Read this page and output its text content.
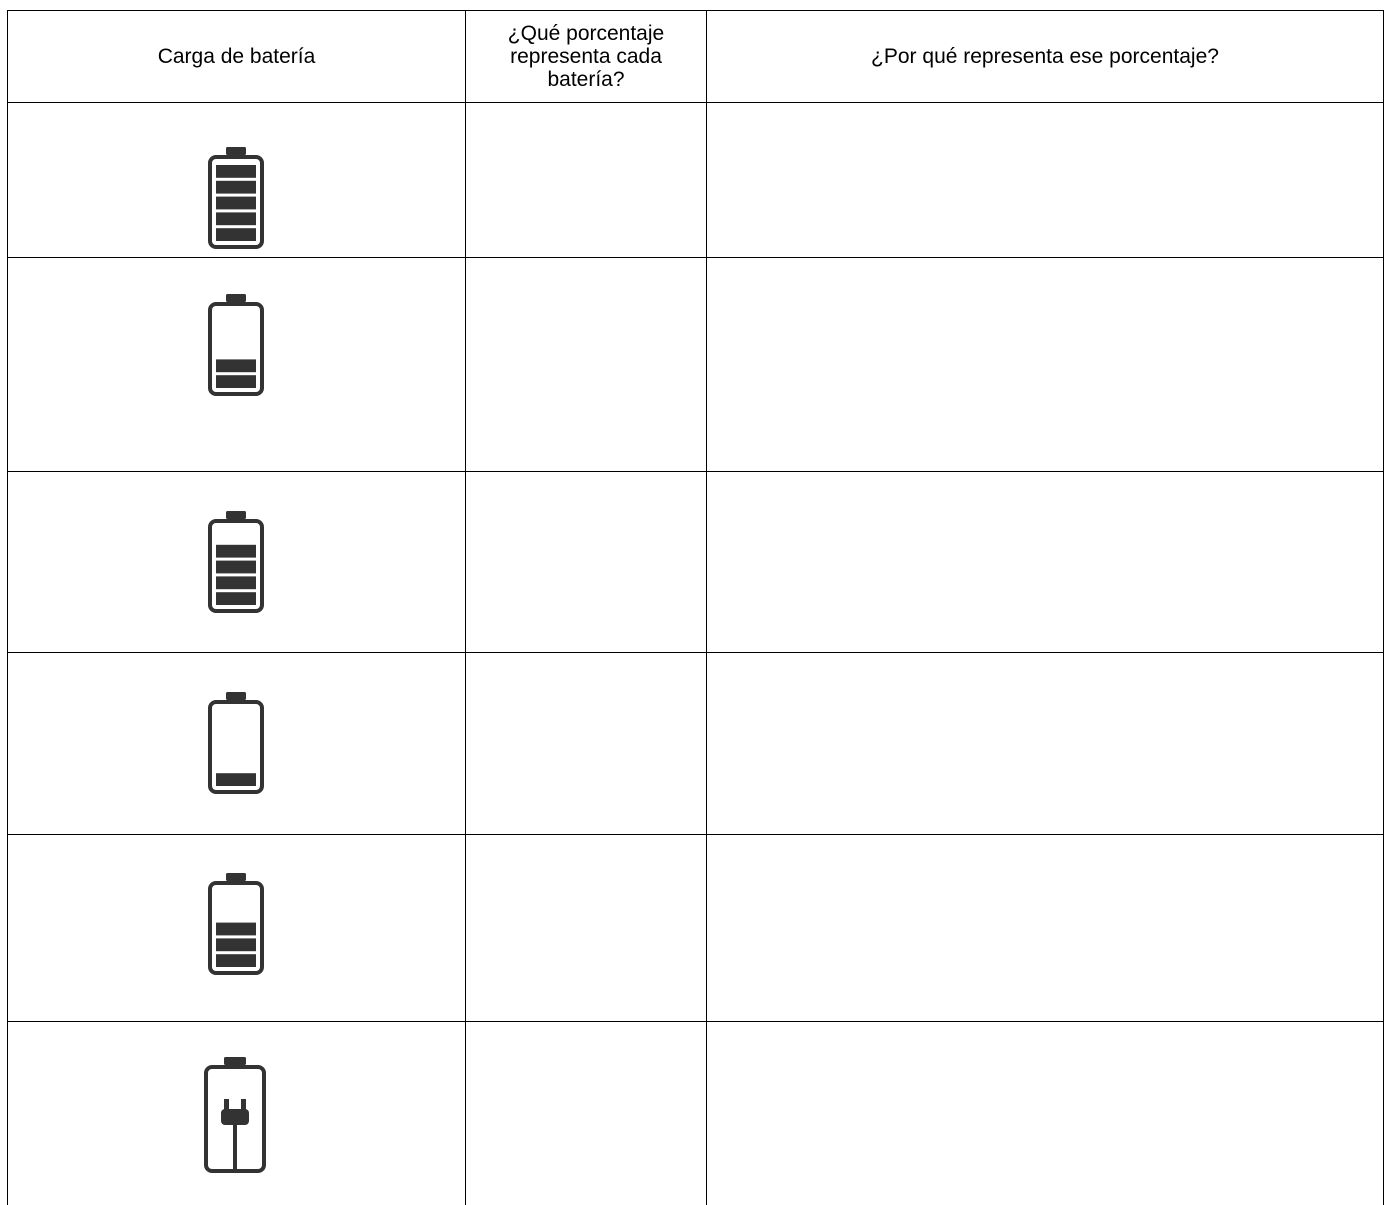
Carga de batería
¿Qué porcentaje representa cada batería?
¿Por qué representa ese porcentaje?
